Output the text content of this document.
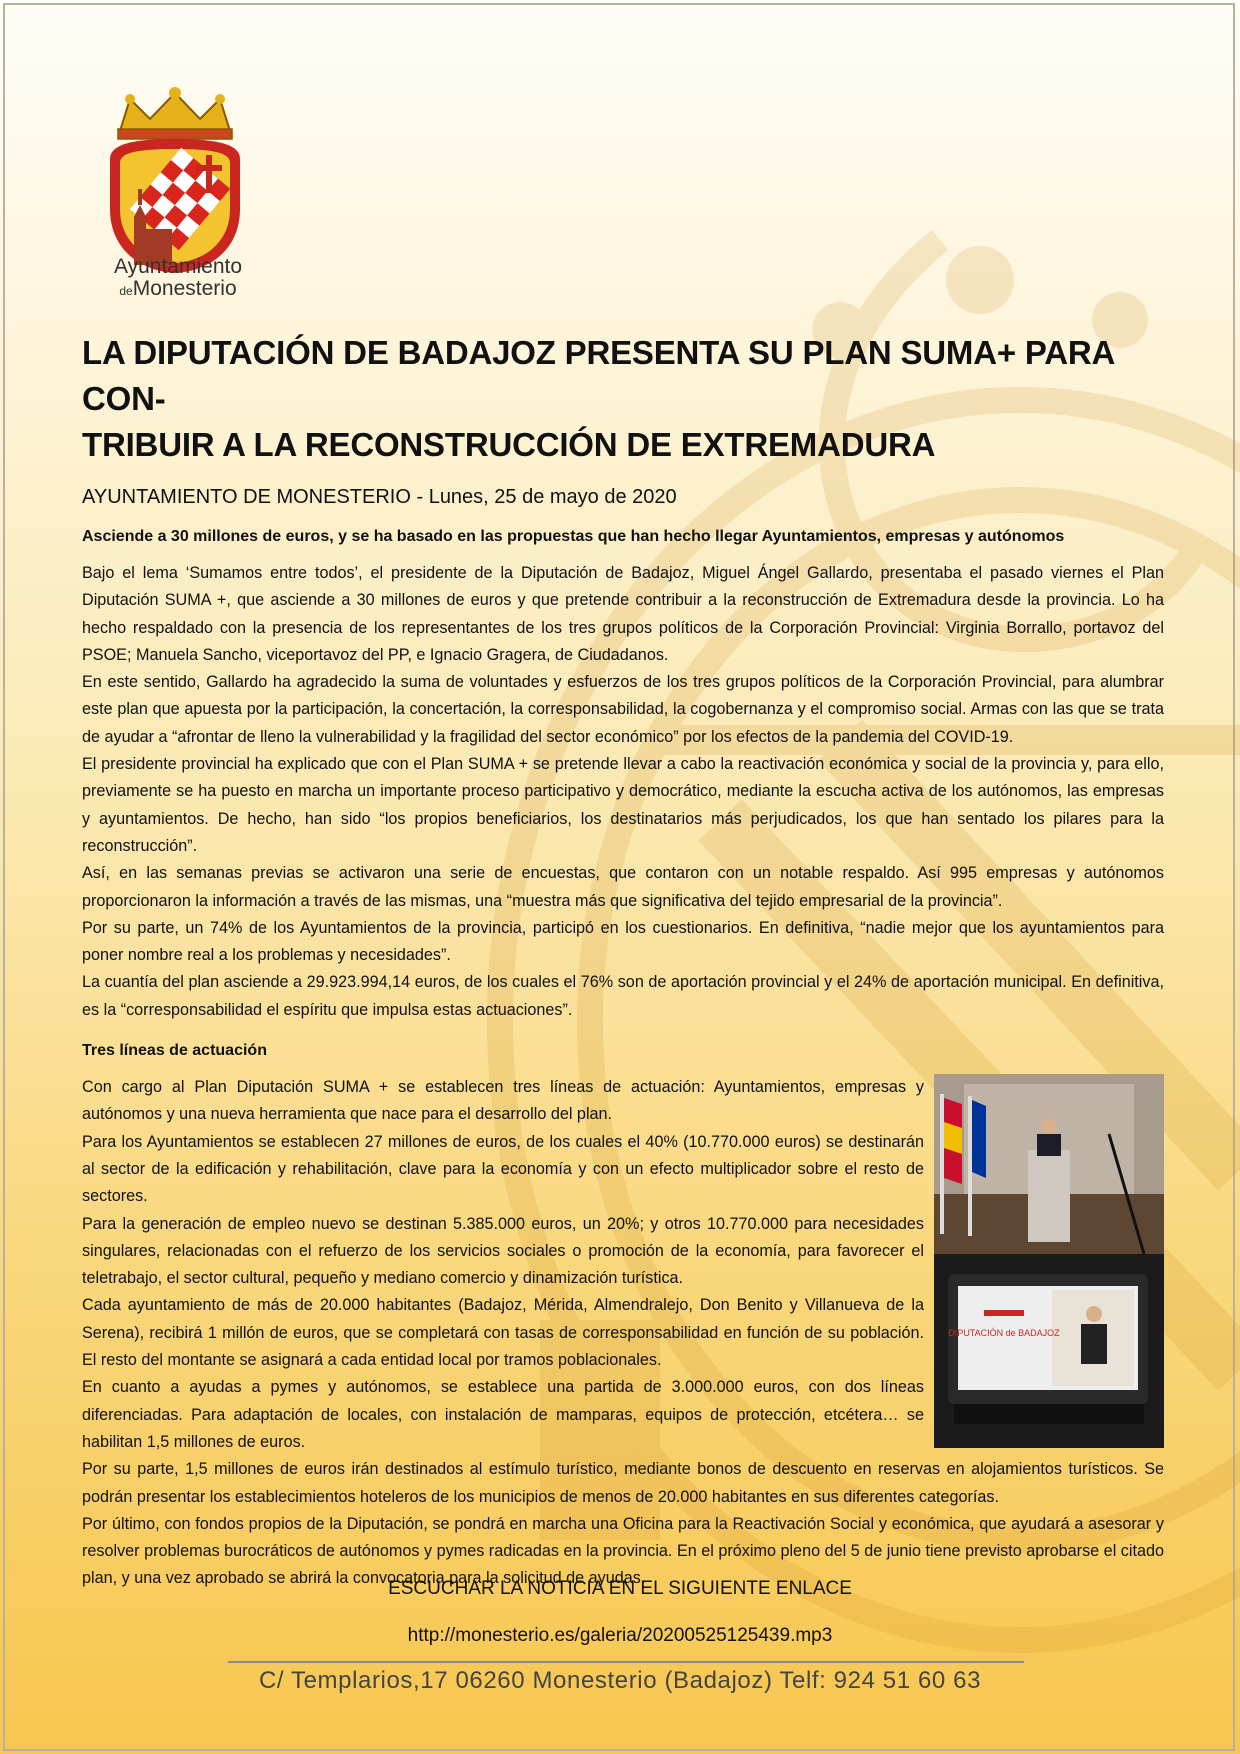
Ayuntamiento
deMonesterio
LA DIPUTACIÓN DE BADAJOZ PRESENTA SU PLAN SUMA+ PARA CON-
TRIBUIR A LA RECONSTRUCCIÓN DE EXTREMADURA
AYUNTAMIENTO DE MONESTERIO - Lunes, 25 de mayo de 2020
Asciende a 30 millones de euros, y se ha basado en las propuestas que han hecho llegar Ayuntamientos, empresas y autónomos

Bajo el lema ‘Sumamos entre todos’, el presidente de la Diputación de Badajoz, Miguel Ángel Gallardo, presentaba el pasado viernes el Plan Diputación SUMA +, que asciende a 30 millones de euros y que pretende contribuir a la reconstrucción de Extremadura desde la provincia. Lo ha hecho respaldado con la presencia de los representantes de los tres grupos políticos de la Corporación Provincial: Virginia Borrallo, portavoz del PSOE; Manuela Sancho, viceportavoz del PP, e Ignacio Gragera, de Ciudadanos.

En este sentido, Gallardo ha agradecido la suma de voluntades y esfuerzos de los tres grupos políticos de la Corporación Provincial, para alumbrar este plan que apuesta por la participación, la concertación, la corresponsabilidad, la cogobernanza y el compromiso social. Armas con las que se trata de ayudar a “afrontar de lleno la vulnerabilidad y la fragilidad del sector económico” por los efectos de la pandemia del COVID-19.

El presidente provincial ha explicado que con el Plan SUMA + se pretende llevar a cabo la reactivación económica y social de la provincia y, para ello, previamente se ha puesto en marcha un importante proceso participativo y democrático, mediante la escucha activa de los autónomos, las empresas y ayuntamientos. De hecho, han sido “los propios beneficiarios, los destinatarios más perjudicados, los que han sentado los pilares para la reconstrucción”.

Así, en las semanas previas se activaron una serie de encuestas, que contaron con un notable respaldo. Así 995 empresas y autónomos proporcionaron la información a través de las mismas, una “muestra más que significativa del tejido empresarial de la provincia”.

Por su parte, un 74% de los Ayuntamientos de la provincia, participó en los cuestionarios. En definitiva, “nadie mejor que los ayuntamientos para poner nombre real a los problemas y necesidades”.

La cuantía del plan asciende a 29.923.994,14 euros, de los cuales el 76% son de aportación provincial y el 24% de aportación municipal. En definitiva, es la “corresponsabilidad el espíritu que impulsa estas actuaciones”.

Tres líneas de actuación
DIPUTACIÓN de BADAJOZ

Con cargo al Plan Diputación SUMA + se establecen tres líneas de actuación: Ayuntamientos, empresas y autónomos y una nueva herramienta que nace para el desarrollo del plan.

Para los Ayuntamientos se establecen 27 millones de euros, de los cuales el 40% (10.770.000 euros) se destinarán al sector de la edificación y rehabilitación, clave para la economía y con un efecto multiplicador sobre el resto de sectores.

Para la generación de empleo nuevo se destinan 5.385.000 euros, un 20%; y otros 10.770.000 para necesidades singulares, relacionadas con el refuerzo de los servicios sociales o promoción de la economía, para favorecer el teletrabajo, el sector cultural, pequeño y mediano comercio y dinamización turística.

Cada ayuntamiento de más de 20.000 habitantes (Badajoz, Mérida, Almendralejo, Don Benito y Villanueva de la Serena), recibirá 1 millón de euros, que se completará con tasas de corresponsabilidad en función de su población. El resto del montante se asignará a cada entidad local por tramos poblacionales.

En cuanto a ayudas a pymes y autónomos, se establece una partida de 3.000.000 euros, con dos líneas diferenciadas. Para adaptación de locales, con instalación de mamparas, equipos de protección, etcétera… se habilitan 1,5 millones de euros.

Por su parte, 1,5 millones de euros irán destinados al estímulo turístico, mediante bonos de descuento en reservas en alojamientos turísticos. Se podrán presentar los establecimientos hoteleros de los municipios de menos de 20.000 habitantes en sus diferentes categorías.

Por último, con fondos propios de la Diputación, se pondrá en marcha una Oficina para la Reactivación Social y económica, que ayudará a asesorar y resolver problemas burocráticos de autónomos y pymes radicadas en la provincia. En el próximo pleno del 5 de junio tiene previsto aprobarse el citado plan, y una vez aprobado se abrirá la convocatoria para la solicitud de ayudas.

ESCUCHAR LA NOTICIA EN EL SIGUIENTE ENLACE
http://monesterio.es/galeria/20200525125439.mp3
C/ Templarios,17 06260 Monesterio (Badajoz) Telf: 924 51 60 63
